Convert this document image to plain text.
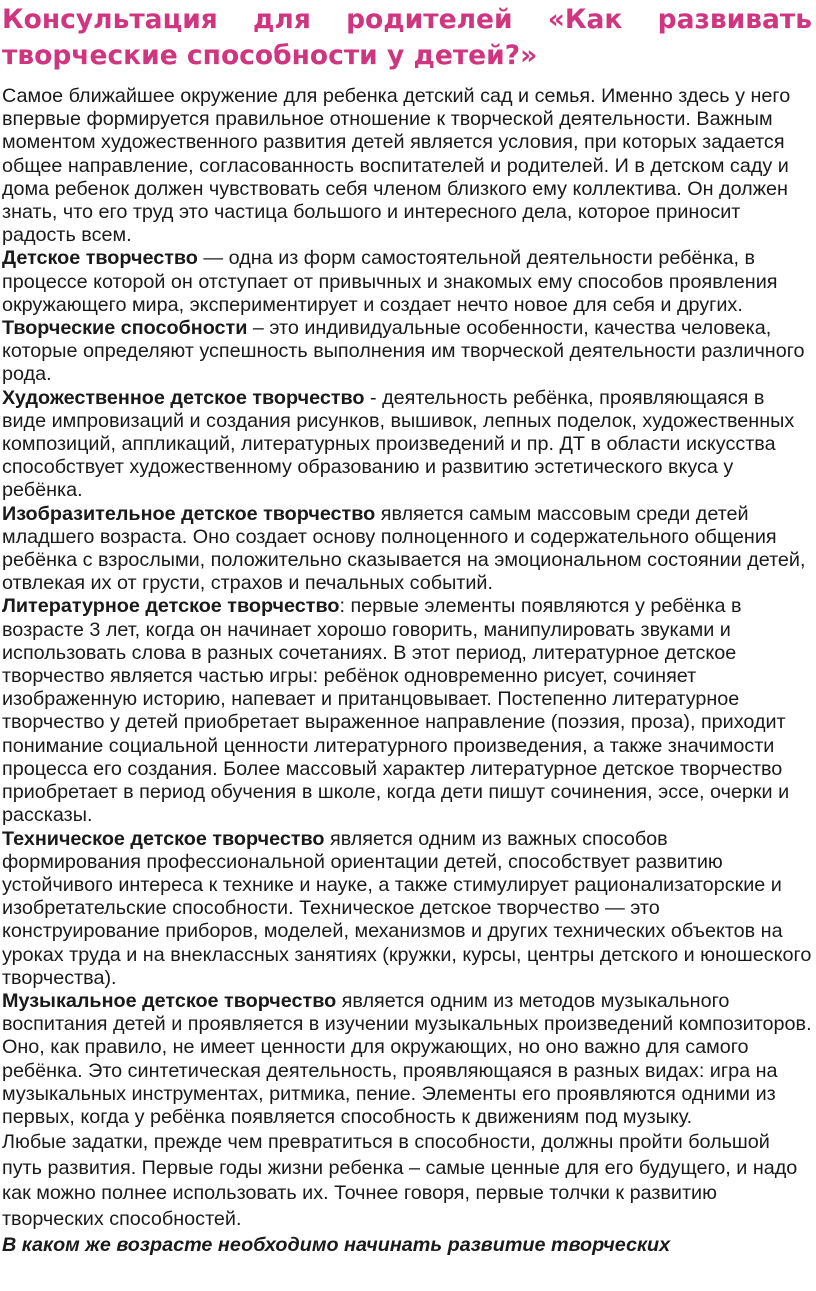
Консультация для родителей «Как развивать творческие способности у детей?»

Самое ближайшее окружение для ребенка детский сад и семья. Именно здесь у него впервые формируется правильное отношение к творческой деятельности. Важным моментом художественного развития детей является условия, при которых задается общее направление, согласованность воспитателей и родителей. И в детском саду и дома ребенок должен чувствовать себя членом близкого ему коллектива. Он должен знать, что его труд это частица большого и интересного дела, которое приносит радость всем.

Детское творчество — одна из форм самостоятельной деятельности ребёнка, в процессе которой он отступает от привычных и знакомых ему способов проявления окружающего мира, экспериментирует и создает нечто новое для себя и других.

Творческие способности – это индивидуальные особенности, качества человека, которые определяют успешность выполнения им творческой деятельности различного рода.

Художественное детское творчество - деятельность ребёнка, проявляющаяся в виде импровизаций и создания рисунков, вышивок, лепных поделок, художественных композиций, аппликаций, литературных произведений и пр. ДТ в области искусства способствует художественному образованию и развитию эстетического вкуса у ребёнка.

Изобразительное детское творчество является самым массовым среди детей младшего возраста. Оно создает основу полноценного и содержательного общения ребёнка с взрослыми, положительно сказывается на эмоциональном состоянии детей, отвлекая их от грусти, страхов и печальных событий.

Литературное детское творчество: первые элементы появляются у ребёнка в возрасте 3 лет, когда он начинает хорошо говорить, манипулировать звуками и использовать слова в разных сочетаниях. В этот период, литературное детское творчество является частью игры: ребёнок одновременно рисует, сочиняет изображенную историю, напевает и пританцовывает. Постепенно литературное творчество у детей приобретает выраженное направление (поэзия, проза), приходит понимание социальной ценности литературного произведения, а также значимости процесса его создания. Более массовый характер литературное детское творчество приобретает в период обучения в школе, когда дети пишут сочинения, эссе, очерки и рассказы.

Техническое детское творчество является одним из важных способов формирования профессиональной ориентации детей, способствует развитию устойчивого интереса к технике и науке, а также стимулирует рационализаторские и изобретательские способности. Техническое детское творчество — это конструирование приборов, моделей, механизмов и других технических объектов на уроках труда и на внеклассных занятиях (кружки, курсы, центры детского и юношеского творчества).

Музыкальное детское творчество является одним из методов музыкального воспитания детей и проявляется в изучении музыкальных произведений композиторов. Оно, как правило, не имеет ценности для окружающих, но оно важно для самого ребёнка. Это синтетическая деятельность, проявляющаяся в разных видах: игра на музыкальных инструментах, ритмика, пение. Элементы его проявляются одними из первых, когда у ребёнка появляется способность к движениям под музыку.

Любые задатки, прежде чем превратиться в способности, должны пройти большой путь развития. Первые годы жизни ребенка – самые ценные для его будущего, и надо как можно полнее использовать их. Точнее говоря, первые толчки к развитию творческих способностей.

В каком же возрасте необходимо начинать развитие творческих
